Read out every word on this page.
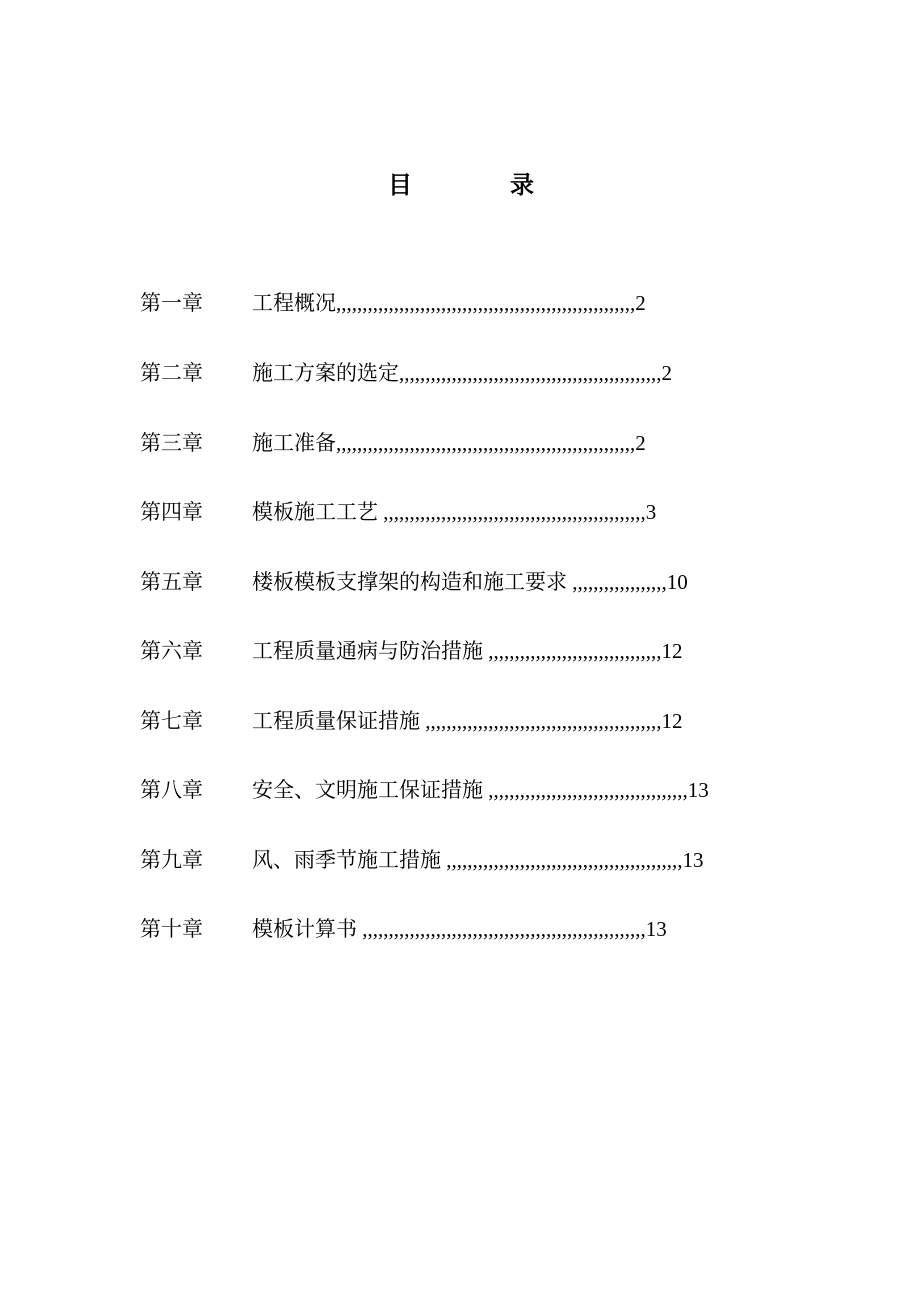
目	录
第一章 工程概况,,,,,,,,,,,,,,,,,,,,,,,,,,,,,,,,,,,,,,,,,,,,,,,,,,,,,,,,,2
第二章 施工方案的选定,,,,,,,,,,,,,,,,,,,,,,,,,,,,,,,,,,,,,,,,,,,,,,,,,,2
第三章 施工准备,,,,,,,,,,,,,,,,,,,,,,,,,,,,,,,,,,,,,,,,,,,,,,,,,,,,,,,,,2
第四章 模板施工工艺 ,,,,,,,,,,,,,,,,,,,,,,,,,,,,,,,,,,,,,,,,,,,,,,,,,,3
第五章 楼板模板支撑架的构造和施工要求 ,,,,,,,,,,,,,,,,,,10
第六章 工程质量通病与防治措施 ,,,,,,,,,,,,,,,,,,,,,,,,,,,,,,,,,12
第七章 工程质量保证措施 ,,,,,,,,,,,,,,,,,,,,,,,,,,,,,,,,,,,,,,,,,,,,,12
第八章 安全、文明施工保证措施 ,,,,,,,,,,,,,,,,,,,,,,,,,,,,,,,,,,,,,,13
第九章 风、雨季节施工措施 ,,,,,,,,,,,,,,,,,,,,,,,,,,,,,,,,,,,,,,,,,,,,,13
第十章 模板计算书 ,,,,,,,,,,,,,,,,,,,,,,,,,,,,,,,,,,,,,,,,,,,,,,,,,,,,,,13
